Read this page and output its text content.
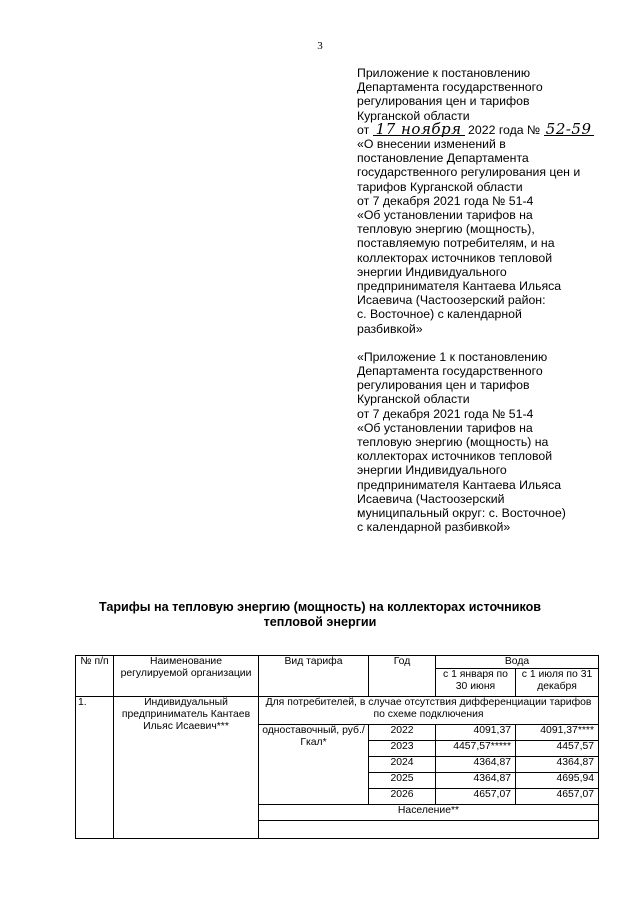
3

Приложение к постановлению

Департамента государственного

регулирования цен и тарифов

Курганской области

от 17 ноября 2022 года № 52-59

«О внесении изменений в

постановление Департамента

государственного регулирования цен и

тарифов Курганской области

от 7 декабря 2021 года № 51-4

«Об установлении тарифов на

тепловую энергию (мощность),

поставляемую потребителям, и на

коллекторах источников тепловой

энергии Индивидуального

предпринимателя Кантаева Ильяса

Исаевича (Частоозерский район:

с. Восточное) с календарной

разбивкой»

«Приложение 1 к постановлению

Департамента государственного

регулирования цен и тарифов

Курганской области

от 7 декабря 2021 года № 51-4

«Об установлении тарифов на

тепловую энергию (мощность) на

коллекторах источников тепловой

энергии Индивидуального

предпринимателя Кантаева Ильяса

Исаевича (Частоозерский

муниципальный округ: с. Восточное)

с календарной разбивкой»

Тарифы на тепловую энергию (мощность) на коллекторах источников
тепловой энергии
№ п/п	Наименование регулируемой организации	Вид тарифа	Год	Вода	
				с 1 января по 30 июня	с 1 июля по 31 декабря
1.	Индивидуальный предприниматель Кантаев Ильяс Исаевич***	Для потребителей, в случае отсутствия дифференциации тарифов по схеме подключения			
		одноставочный, руб./Гкал*	2022	4091,37	4091,37****
			2023	4457,57*****	4457,57
			2024	4364,87	4364,87
			2025	4364,87	4695,94
			2026	4657,07	4657,07
		Население**			
